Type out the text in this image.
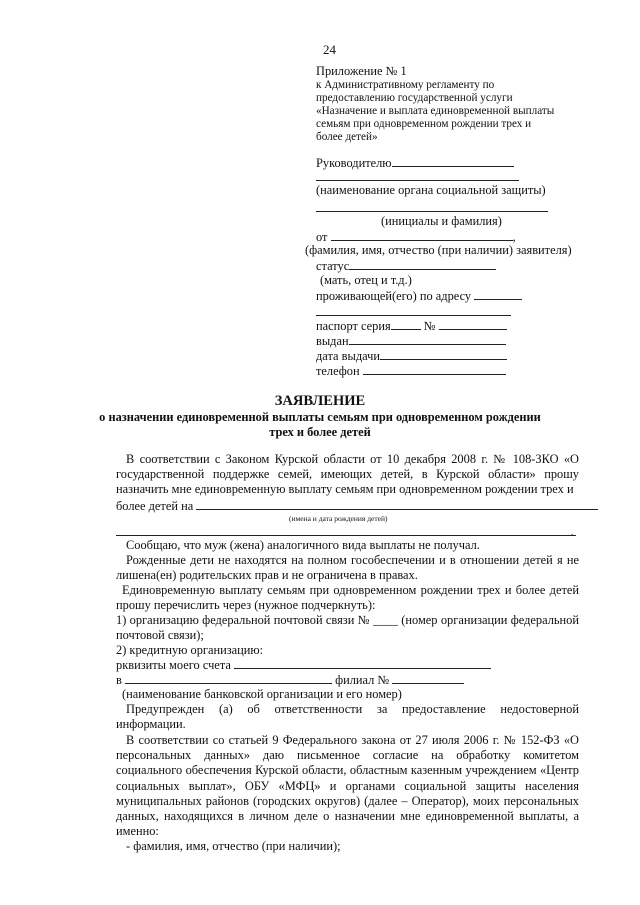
24
Приложение № 1
к Административному регламенту по
предоставлению государственной услуги
«Назначение и выплата единовременной выплаты
семьям при одновременном рождении трех и
более детей»
Руководителю
(наименование органа социальной защиты)
(инициалы и фамилия)
от	,
(фамилия, имя, отчество (при наличии) заявителя)
статус
(мать, отец и т.д.)
проживающей(его) по адресу
паспорт серия	№
выдан
дата выдачи
телефон
ЗАЯВЛЕНИЕ
о назначении единовременной выплаты семьям при одновременном рождении
трех и более детей
В соответствии с Законом Курской области от 10 декабря 2008 г. № 108-ЗКО «О государственной поддержке семей, имеющих детей, в Курской области» прошу назначить мне единовременную выплату семьям при одновременном рождении трех и
более детей на
(имена и дата рождения детей)
.
Сообщаю, что муж (жена) аналогичного вида выплаты не получал.
Рожденные дети не находятся на полном гособеспечении и в отношении детей я не лишена(ен) родительских прав и не ограничена в правах.
Единовременную выплату семьям при одновременном рождении трех и более детей прошу перечислить через (нужное подчеркнуть):
1) организацию федеральной почтовой связи № ____ (номер организации федеральной почтовой связи);
2) кредитную организацию:
рквизиты моего счета
в	филиал №
(наименование банковской организации и его номер)
Предупрежден (а) об ответственности за предоставление недостоверной информации.
В соответствии со статьей 9 Федерального закона от 27 июля 2006 г. № 152-ФЗ «О персональных данных» даю письменное согласие на обработку комитетом социального обеспечения Курской области, областным казенным учреждением «Центр социальных выплат», ОБУ «МФЦ» и органами социальной защиты населения муниципальных районов (городских округов) (далее – Оператор), моих персональных данных, находящихся в личном деле о назначении мне единовременной выплаты, а именно:
- фамилия, имя, отчество (при наличии);
